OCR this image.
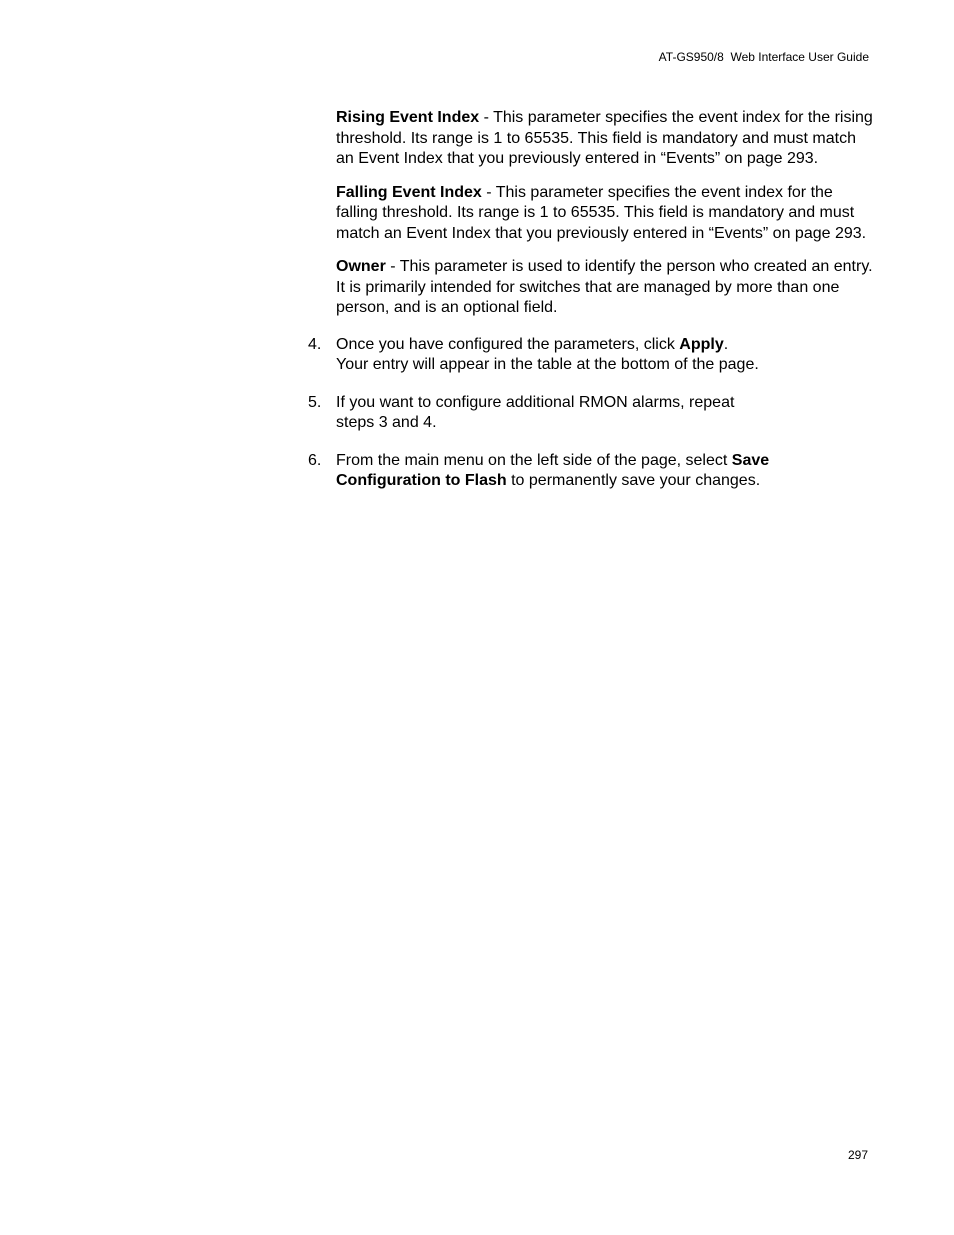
AT-GS950/8  Web Interface User Guide

Rising Event Index - This parameter specifies the event index for the rising threshold. Its range is 1 to 65535. This field is mandatory and must match an Event Index that you previously entered in “Events” on page 293.

Falling Event Index - This parameter specifies the event index for the falling threshold. Its range is 1 to 65535. This field is mandatory and must match an Event Index that you previously entered in “Events” on page 293.

Owner - This parameter is used to identify the person who created an entry. It is primarily intended for switches that are managed by more than one person, and is an optional field.

4. Once you have configured the parameters, click Apply.
Your entry will appear in the table at the bottom of the page.
5. If you want to configure additional RMON alarms, repeat
steps 3 and 4.
6. From the main menu on the left side of the page, select Save
Configuration to Flash to permanently save your changes.
297
